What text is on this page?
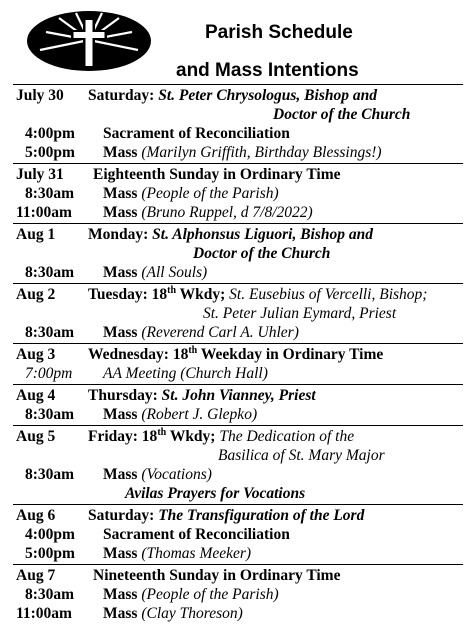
Parish Schedule
and Mass Intentions
July 30 Saturday: St. Peter Chrysologus, Bishop and
Doctor of the Church
4:00pm Sacrament of Reconciliation
5:00pm Mass (Marilyn Griffith, Birthday Blessings!)
July 31 Eighteenth Sunday in Ordinary Time
8:30am Mass (People of the Parish)
11:00am Mass (Bruno Ruppel, d 7/8/2022)
Aug 1 Monday: St. Alphonsus Liguori, Bishop and
Doctor of the Church
8:30am Mass (All Souls)
Aug 2 Tuesday: 18th Wkdy; St. Eusebius of Vercelli, Bishop;
St. Peter Julian Eymard, Priest
8:30am Mass (Reverend Carl A. Uhler)
Aug 3 Wednesday: 18th Weekday in Ordinary Time
7:00pm AA Meeting (Church Hall)
Aug 4 Thursday: St. John Vianney, Priest
8:30am Mass (Robert J. Glepko)
Aug 5 Friday: 18th Wkdy; The Dedication of the
Basilica of St. Mary Major
8:30am Mass (Vocations)
Avilas Prayers for Vocations
Aug 6 Saturday: The Transfiguration of the Lord
4:00pm Sacrament of Reconciliation
5:00pm Mass (Thomas Meeker)
Aug 7 Nineteenth Sunday in Ordinary Time
8:30am Mass (People of the Parish)
11:00am Mass (Clay Thoreson)
